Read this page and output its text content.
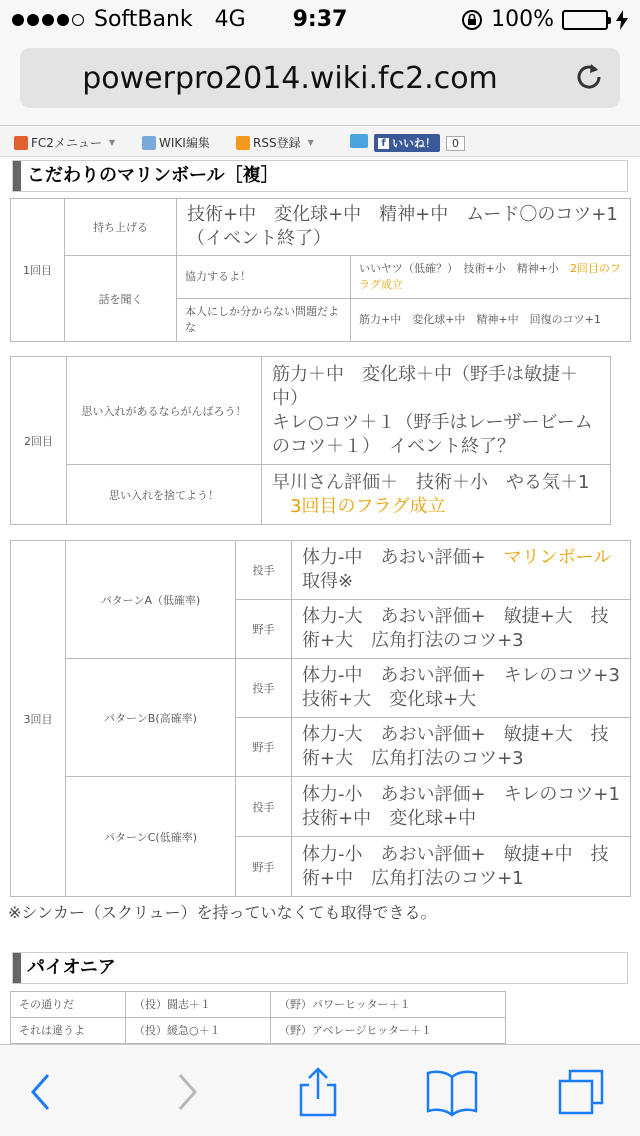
SoftBank 4G	9:37	100%
powerpro2014.wiki.fc2.com
FC2メニュー ▼	WIKI編集	RSS登録 ▼	f いいね！	0
こだわりのマリンボール［複］
1回目	持ち上げる	技術+中　変化球+中　精神+中　ムード〇のコツ+1（イベント終了）	
	話を聞く	協力するよ！	いいヤツ（低確？）　技術+小　精神+小　 2回目のフラグ成立
		本人にしか分からない問題だよな	筋力+中　変化球+中　精神+中　回復のコツ+1
2回目	思い入れがあるならがんばろう！	筋力＋中　変化球＋中（野手は敏捷＋中）
キレ○コツ＋１（野手はレーザービームのコツ＋１）　イベント終了？

	思い入れを捨てよう！	早川さん評価＋　技術＋小　やる気＋1
3回目のフラグ成立
3回目	パターンA（低確率)	投手	体力-中　あおい評価+　マリンボール取得※
		野手	体力-大　あおい評価+　敏捷+大　技術+大　広角打法のコツ+3
	パターンB(高確率)	投手	体力-中　あおい評価+　キレのコツ+3　技術+大　変化球+大
		野手	体力-大　あおい評価+　敏捷+大　技術+大　広角打法のコツ+3
	パターンC(低確率)	投手	体力-小　あおい評価+　キレのコツ+1　技術+中　変化球+中
		野手	体力-小　あおい評価+　敏捷+中　技術+中　広角打法のコツ+1
※シンカー（スクリュー）を持っていなくても取得できる。
パイオニア
その通りだ	（投）闘志＋１	（野）パワーヒッター＋１
それは違うよ	（投）緩急○＋１	（野）アベレージヒッター＋１
